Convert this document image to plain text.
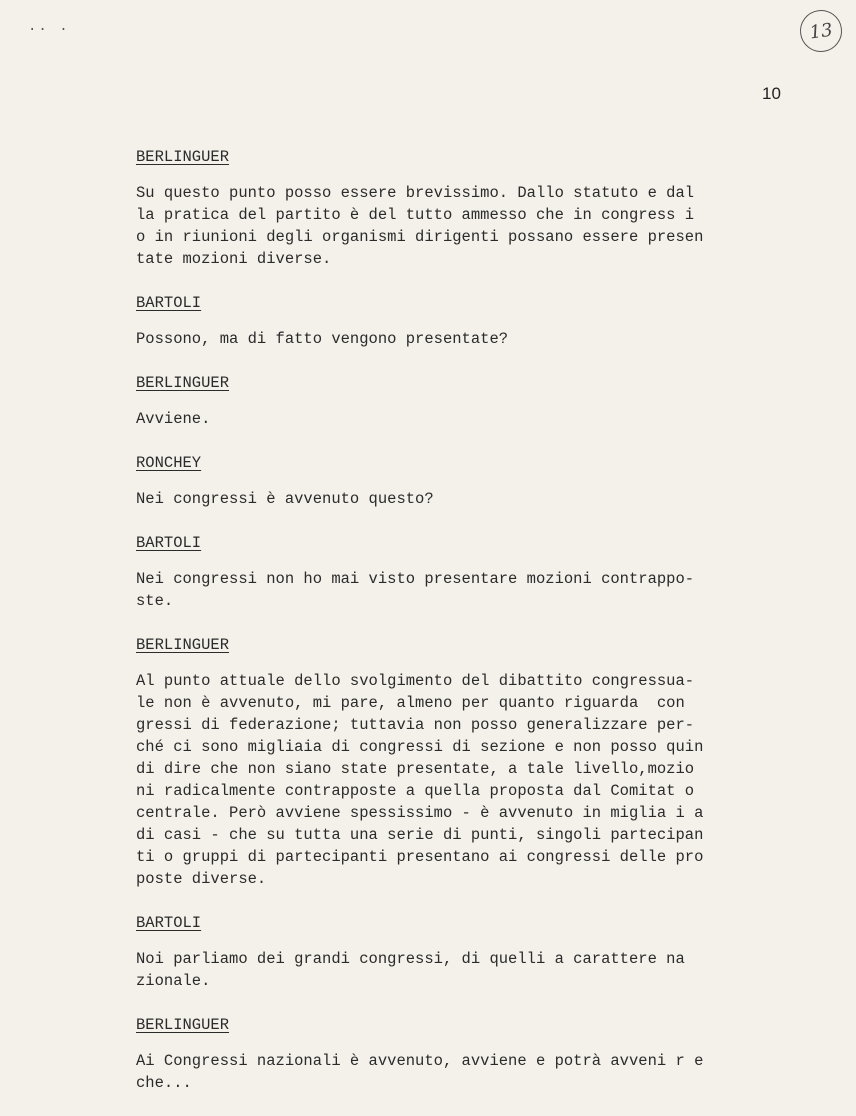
·· ·	13
10
BERLINGUER
Su questo punto posso essere brevissimo. Dallo statuto e dal
la pratica del partito è del tutto ammesso che in congress i
o in riunioni degli organismi dirigenti possano essere presen
tate mozioni diverse.
BARTOLI
Possono, ma di fatto vengono presentate?
BERLINGUER
Avviene.
RONCHEY
Nei congressi è avvenuto questo?
BARTOLI
Nei congressi non ho mai visto presentare mozioni contrappo-
ste.
BERLINGUER
Al punto attuale dello svolgimento del dibattito congressua-
le non è avvenuto, mi pare, almeno per quanto riguarda  con
gressi di federazione; tuttavia non posso generalizzare per-
ché ci sono migliaia di congressi di sezione e non posso quin
di dire che non siano state presentate, a tale livello,mozio
ni radicalmente contrapposte a quella proposta dal Comitat o
centrale. Però avviene spessissimo - è avvenuto in miglia i a
di casi - che su tutta una serie di punti, singoli partecipan
ti o gruppi di partecipanti presentano ai congressi delle pro
poste diverse.
BARTOLI
Noi parliamo dei grandi congressi, di quelli a carattere na
zionale.
BERLINGUER
Ai Congressi nazionali è avvenuto, avviene e potrà avveni r e
che...
